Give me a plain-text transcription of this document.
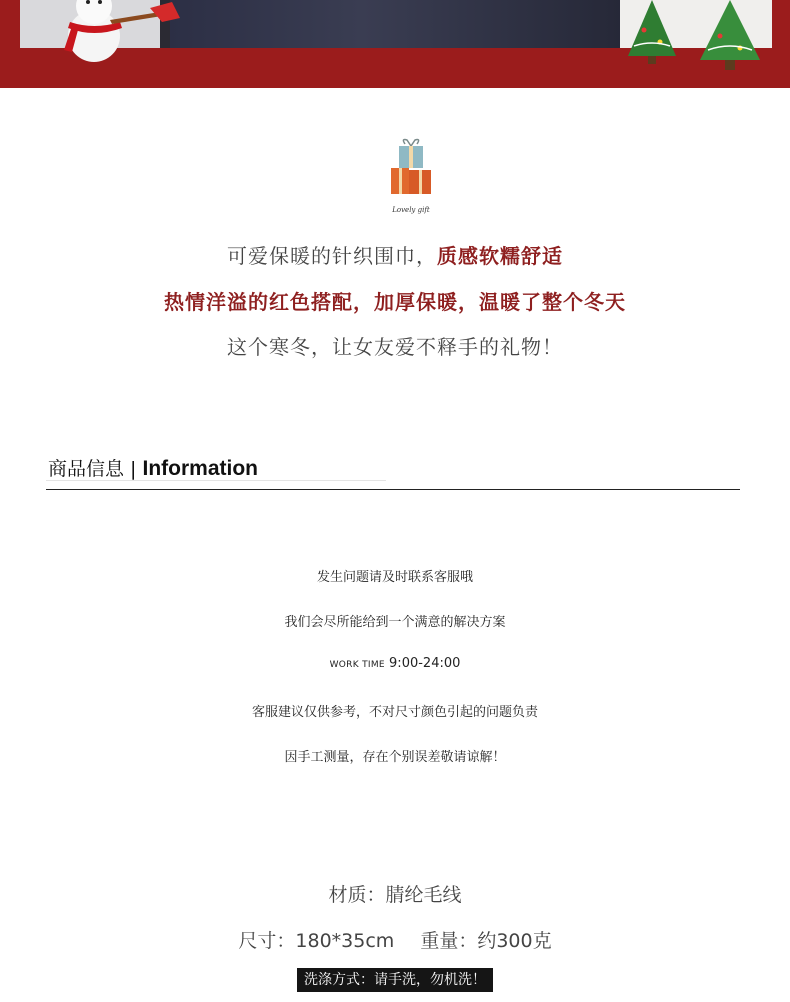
Lovely gift
可爱保暖的针织围巾，质感软糯舒适
热情洋溢的红色搭配，加厚保暖，温暖了整个冬天
这个寒冬，让女友爱不释手的礼物！
商品信息 | Information
发生问题请及时联系客服哦
我们会尽所能给到一个满意的解决方案
WORK TIME 9:00-24:00
客服建议仅供参考，不对尺寸颜色引起的问题负责
因手工测量，存在个别误差敬请谅解！
材质：腈纶毛线
尺寸：180*35cm 重量：约300克
洗涤方式：请手洗，勿机洗！
